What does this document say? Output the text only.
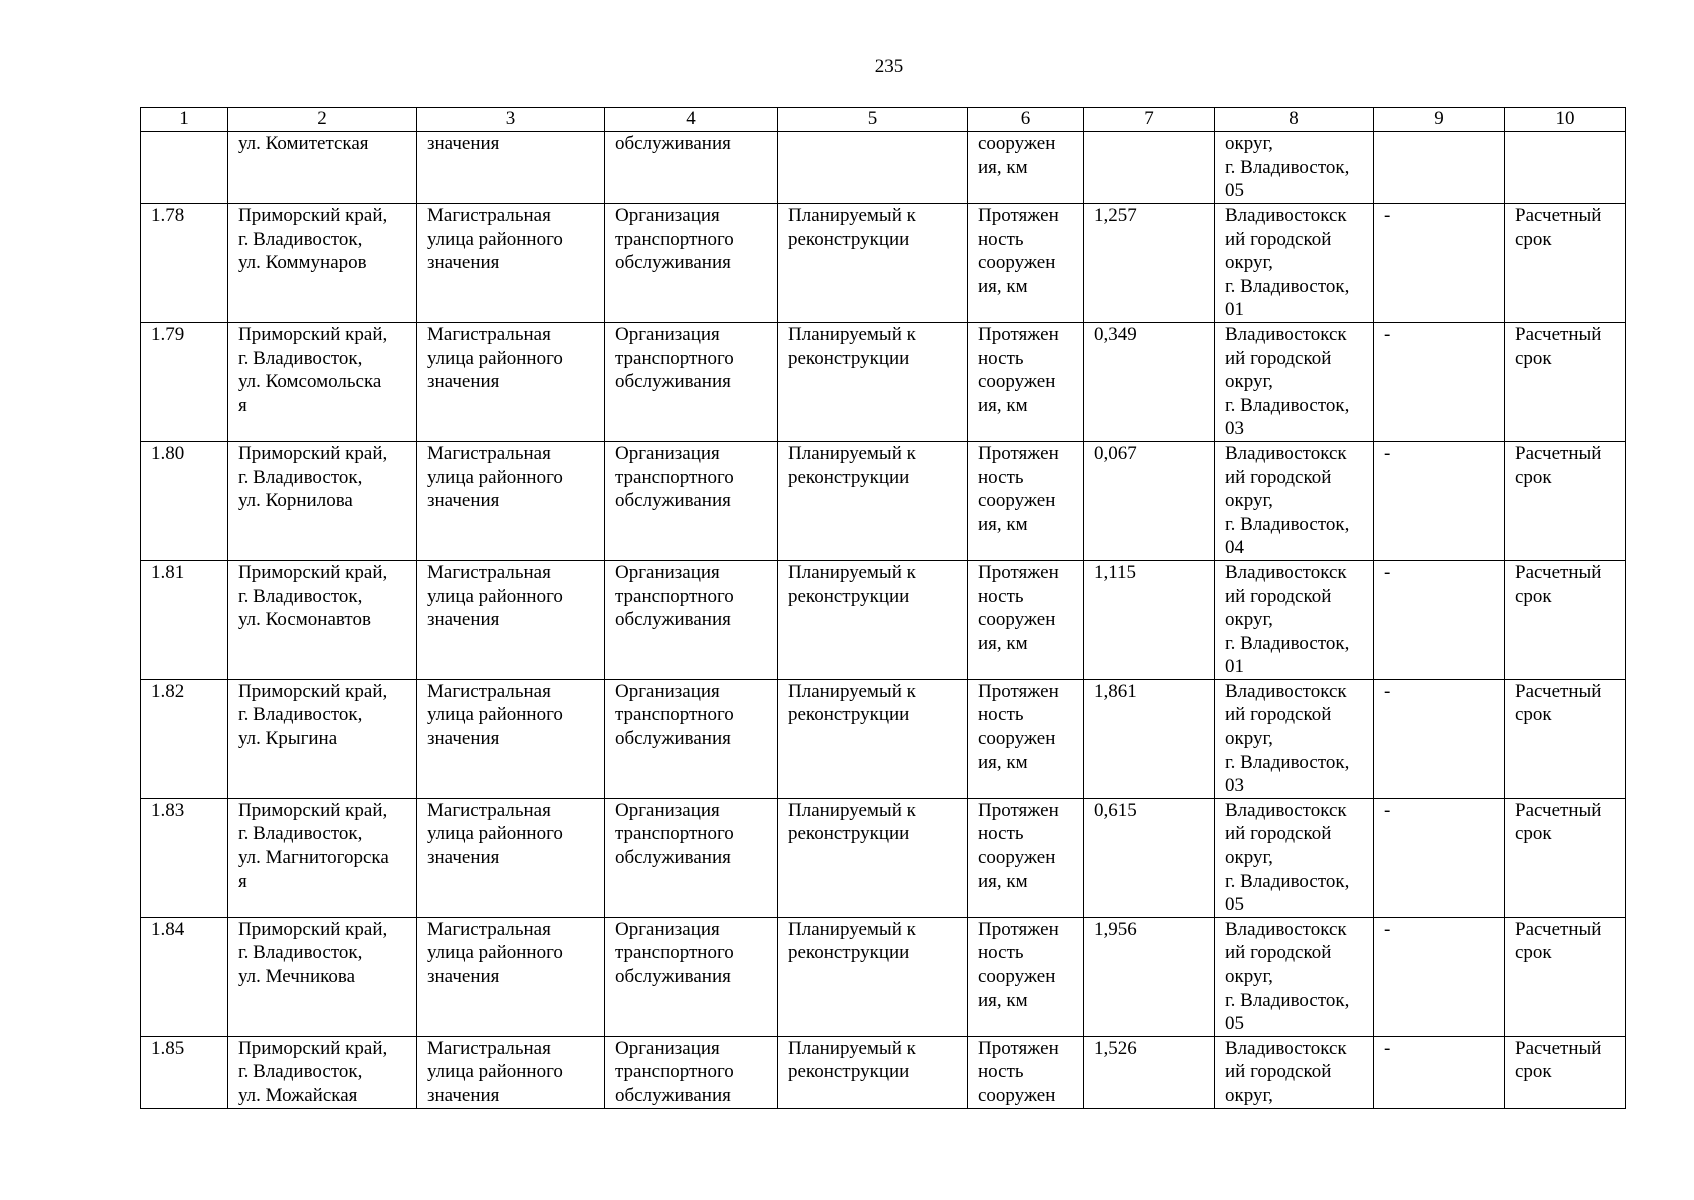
235
1	2	3	4	5	6	7	8	9	10
	ул. Комитетская	значения	обслуживания		сооружен
ия, км		округ,
г. Владивосток,
05		
1.78	Приморский край,
г. Владивосток,
ул. Коммунаров	Магистральная
улица районного
значения	Организация
транспортного
обслуживания	Планируемый к
реконструкции	Протяжен
ность
сооружен
ия, км	1,257	Владивостокск
ий городской
округ,
г. Владивосток,
01	-	Расчетный
срок
1.79	Приморский край,
г. Владивосток,
ул. Комсомольска
я	Магистральная
улица районного
значения	Организация
транспортного
обслуживания	Планируемый к
реконструкции	Протяжен
ность
сооружен
ия, км	0,349	Владивостокск
ий городской
округ,
г. Владивосток,
03	-	Расчетный
срок
1.80	Приморский край,
г. Владивосток,
ул. Корнилова	Магистральная
улица районного
значения	Организация
транспортного
обслуживания	Планируемый к
реконструкции	Протяжен
ность
сооружен
ия, км	0,067	Владивостокск
ий городской
округ,
г. Владивосток,
04	-	Расчетный
срок
1.81	Приморский край,
г. Владивосток,
ул. Космонавтов	Магистральная
улица районного
значения	Организация
транспортного
обслуживания	Планируемый к
реконструкции	Протяжен
ность
сооружен
ия, км	1,115	Владивостокск
ий городской
округ,
г. Владивосток,
01	-	Расчетный
срок
1.82	Приморский край,
г. Владивосток,
ул. Крыгина	Магистральная
улица районного
значения	Организация
транспортного
обслуживания	Планируемый к
реконструкции	Протяжен
ность
сооружен
ия, км	1,861	Владивостокск
ий городской
округ,
г. Владивосток,
03	-	Расчетный
срок
1.83	Приморский край,
г. Владивосток,
ул. Магнитогорска
я	Магистральная
улица районного
значения	Организация
транспортного
обслуживания	Планируемый к
реконструкции	Протяжен
ность
сооружен
ия, км	0,615	Владивостокск
ий городской
округ,
г. Владивосток,
05	-	Расчетный
срок
1.84	Приморский край,
г. Владивосток,
ул. Мечникова	Магистральная
улица районного
значения	Организация
транспортного
обслуживания	Планируемый к
реконструкции	Протяжен
ность
сооружен
ия, км	1,956	Владивостокск
ий городской
округ,
г. Владивосток,
05	-	Расчетный
срок
1.85	Приморский край,
г. Владивосток,
ул. Можайская	Магистральная
улица районного
значения	Организация
транспортного
обслуживания	Планируемый к
реконструкции	Протяжен
ность
сооружен	1,526	Владивостокск
ий городской
округ,	-	Расчетный
срок
